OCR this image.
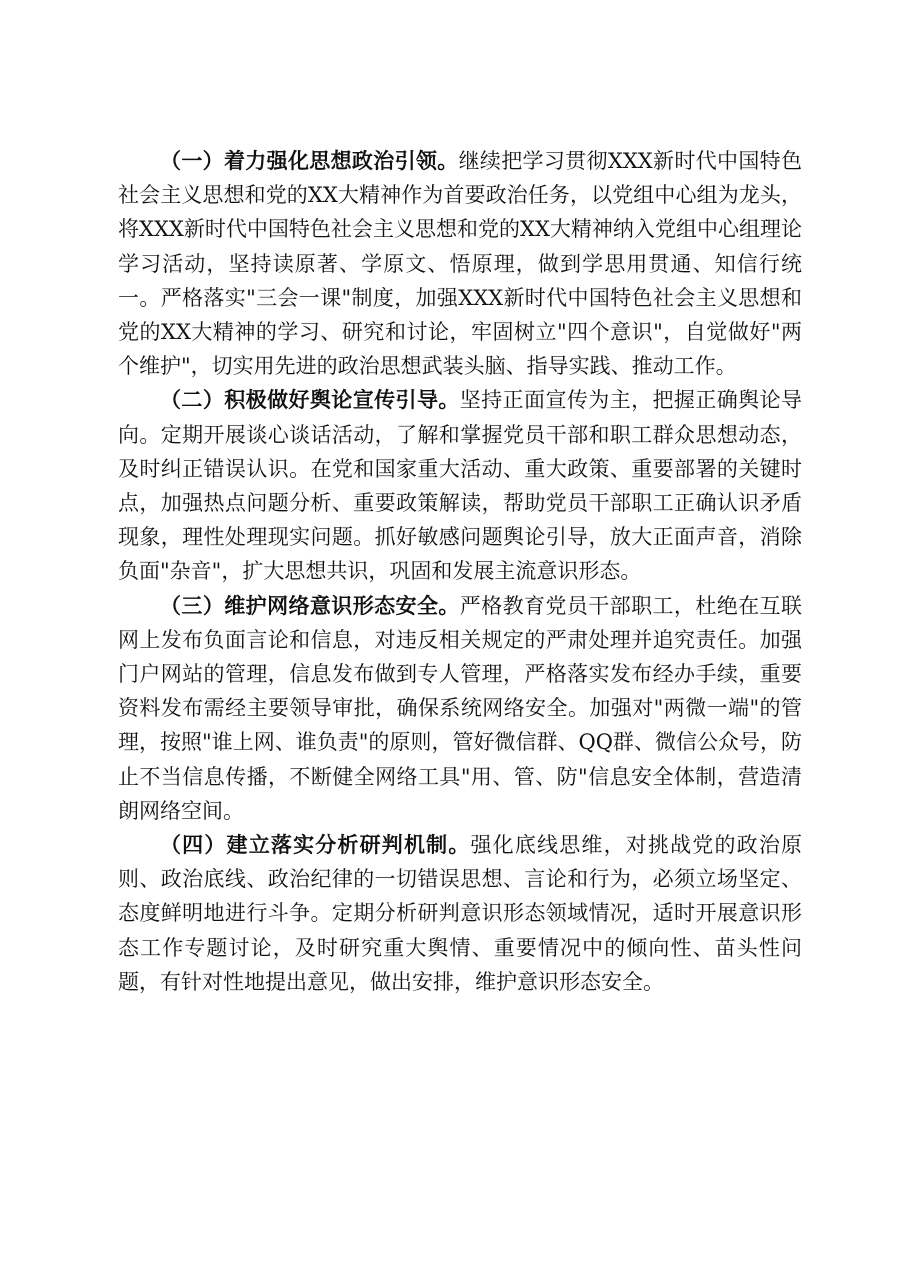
（一）着力强化思想政治引领。继续把学习贯彻XXX新时代中国特色社会主义思想和党的XX大精神作为首要政治任务，以党组中心组为龙头，将XXX新时代中国特色社会主义思想和党的XX大精神纳入党组中心组理论学习活动，坚持读原著、学原文、悟原理，做到学思用贯通、知信行统一。严格落实"三会一课"制度，加强XXX新时代中国特色社会主义思想和党的XX大精神的学习、研究和讨论，牢固树立"四个意识"，自觉做好"两个维护"，切实用先进的政治思想武装头脑、指导实践、推动工作。

（二）积极做好舆论宣传引导。坚持正面宣传为主，把握正确舆论导向。定期开展谈心谈话活动，了解和掌握党员干部和职工群众思想动态，及时纠正错误认识。在党和国家重大活动、重大政策、重要部署的关键时点，加强热点问题分析、重要政策解读，帮助党员干部职工正确认识矛盾现象，理性处理现实问题。抓好敏感问题舆论引导，放大正面声音，消除负面"杂音"，扩大思想共识，巩固和发展主流意识形态。

（三）维护网络意识形态安全。严格教育党员干部职工，杜绝在互联网上发布负面言论和信息，对违反相关规定的严肃处理并追究责任。加强门户网站的管理，信息发布做到专人管理，严格落实发布经办手续，重要资料发布需经主要领导审批，确保系统网络安全。加强对"两微一端"的管理，按照"谁上网、谁负责"的原则，管好微信群、QQ群、微信公众号，防止不当信息传播，不断健全网络工具"用、管、防"信息安全体制，营造清朗网络空间。

（四）建立落实分析研判机制。强化底线思维，对挑战党的政治原则、政治底线、政治纪律的一切错误思想、言论和行为，必须立场坚定、态度鲜明地进行斗争。定期分析研判意识形态领域情况，适时开展意识形态工作专题讨论，及时研究重大舆情、重要情况中的倾向性、苗头性问题，有针对性地提出意见，做出安排，维护意识形态安全。
